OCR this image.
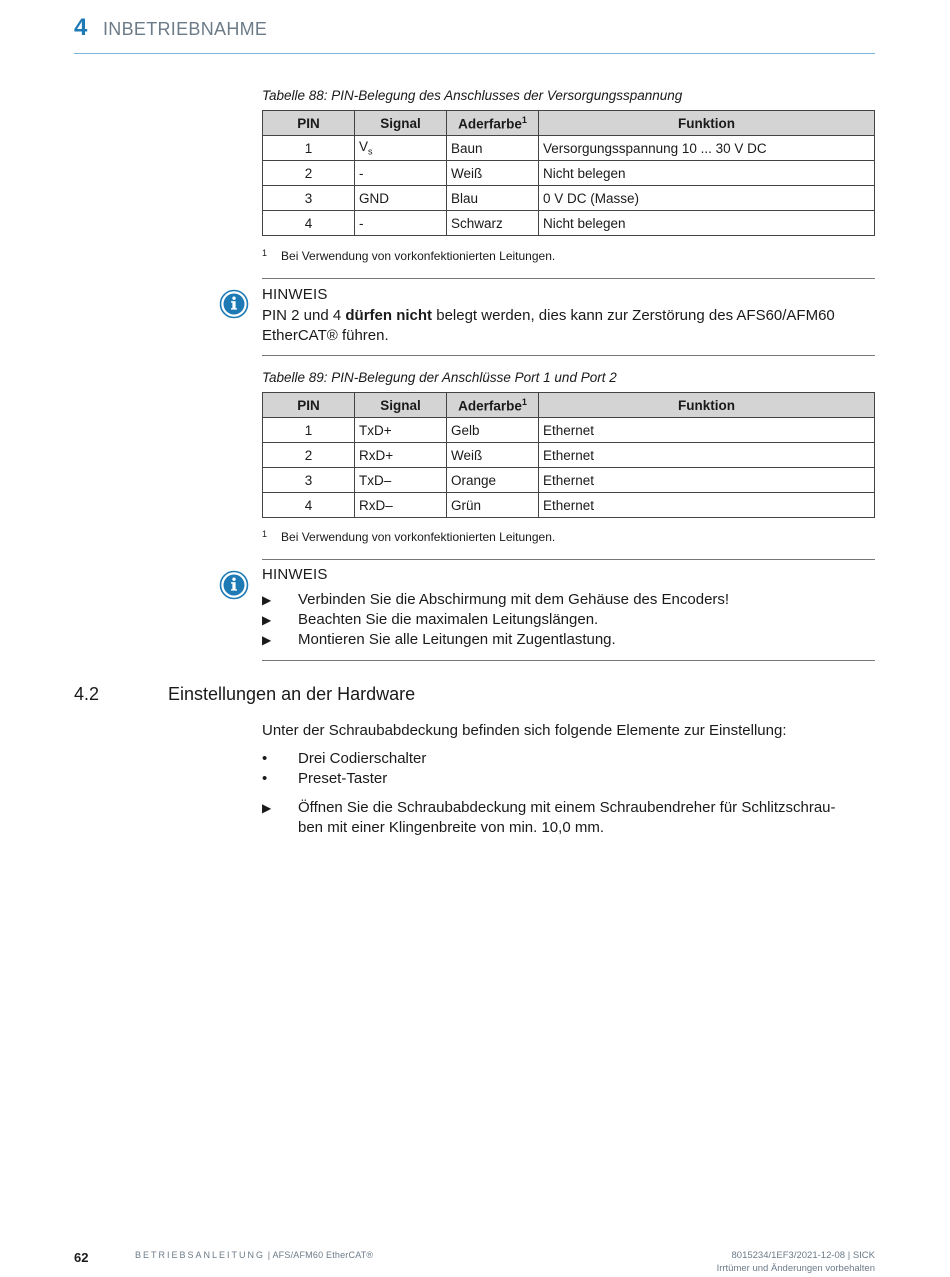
4 INBETRIEBNAHME
Tabelle 88: PIN-Belegung des Anschlusses der Versorgungsspannung
PIN	Signal	Aderfarbe$^1$	Funktion
1	$V_s$	Baun	Versorgungsspannung 10 ... 30 V DC
2	-	Weiß	Nicht belegen
3	GND	Blau	0 V DC (Masse)
4	-	Schwarz	Nicht belegen
$^1$ Bei Verwendung von vorkonfektionierten Leitungen.
HINWEIS
PIN 2 und 4 dürfen nicht belegt werden, dies kann zur Zerstörung des AFS60/AFM60
EtherCAT® führen.
Tabelle 89: PIN-Belegung der Anschlüsse Port 1 und Port 2
PIN	Signal	Aderfarbe$^1$	Funktion
1	TxD+	Gelb	Ethernet
2	RxD+	Weiß	Ethernet
3	TxD–	Orange	Ethernet
4	RxD–	Grün	Ethernet
$^1$ Bei Verwendung von vorkonfektionierten Leitungen.
HINWEIS
▶ Verbinden Sie die Abschirmung mit dem Gehäuse des Encoders!
▶ Beachten Sie die maximalen Leitungslängen.
▶ Montieren Sie alle Leitungen mit Zugentlastung.
4.2	Einstellungen an der Hardware
Unter der Schraubabdeckung befinden sich folgende Elemente zur Einstellung:
• Drei Codierschalter
• Preset-Taster
▶ Öffnen Sie die Schraubabdeckung mit einem Schraubendreher für Schlitzschrau-
ben mit einer Klingenbreite von min. 10,0 mm.
62	BETRIEBSANLEITUNG | AFS/AFM60 EtherCAT®	8015234/1EF3/2021-12-08 | SICK
Irrtümer und Änderungen vorbehalten
